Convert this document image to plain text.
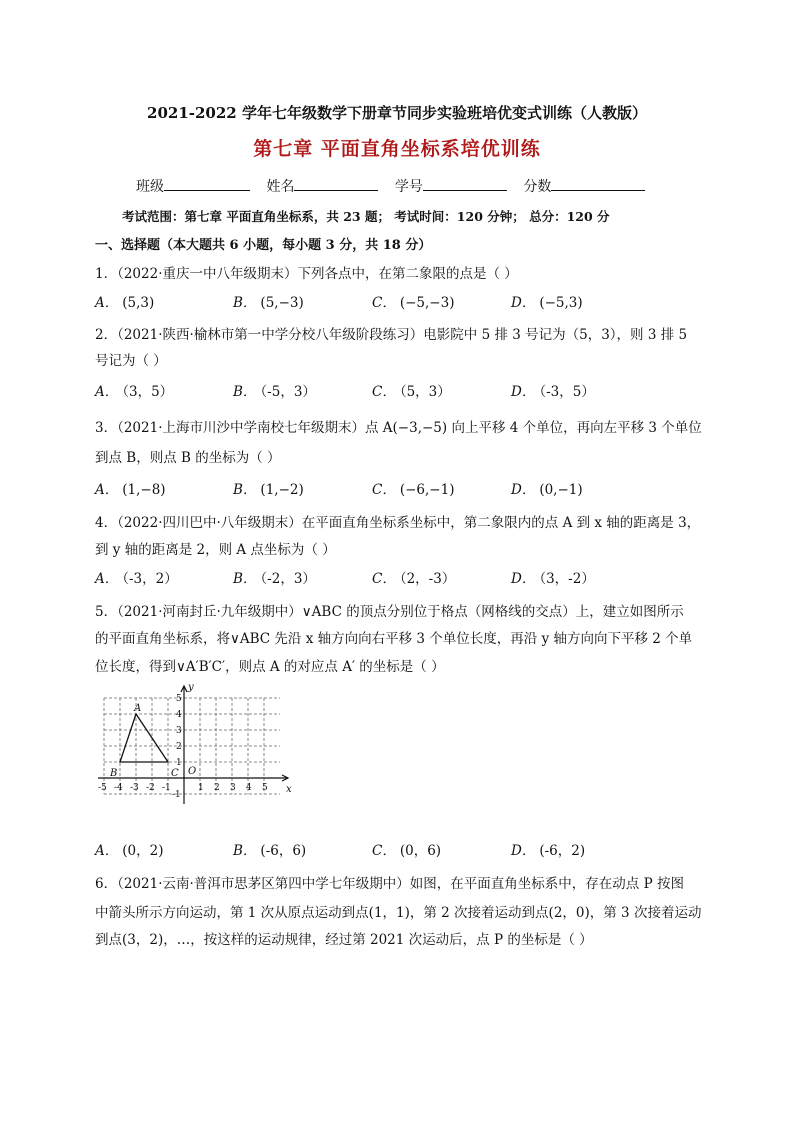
2021-2022 学年七年级数学下册章节同步实验班培优变式训练（人教版）
第七章 平面直角坐标系培优训练
班级	姓名	学号	分数
考试范围：第七章 平面直角坐标系，共 23 题； 考试时间：120 分钟； 总分：120 分
一、选择题（本大题共 6 小题，每小题 3 分，共 18 分）
1．（2022·重庆一中八年级期末）下列各点中，在第二象限的点是（ ）
A． (5,3)	B． (5,−3)	C． (−5,−3)	D． (−5,3)
2．（2021·陕西·榆林市第一中学分校八年级阶段练习）电影院中 5 排 3 号记为（5，3），则 3 排 5
号记为（ ）
A． （3，5）	B． （-5，3）	C． （5，3）	D． （-3，5）
3．（2021·上海市川沙中学南校七年级期末）点 A(−3,−5) 向上平移 4 个单位，再向左平移 3 个单位
到点 B，则点 B 的坐标为（ ）
A． (1,−8)	B． (1,−2)	C． (−6,−1)	D． (0,−1)
4．（2022·四川巴中·八年级期末）在平面直角坐标系坐标中，第二象限内的点 A 到 x 轴的距离是 3，
到 y 轴的距离是 2，则 A 点坐标为（ ）
A． （-3，2）	B． （-2，3）	C． （2，-3）	D． （3，-2）
5．（2021·河南封丘·九年级期中）∨ABC 的顶点分别位于格点（网格线的交点）上，建立如图所示
的平面直角坐标系，将∨ABC 先沿 x 轴方向向右平移 3 个单位长度，再沿 y 轴方向向下平移 2 个单
位长度，得到∨A′B′C′，则点 A 的对应点 A′ 的坐标是（ ）
y
x
O
A
B	C
-5 -4 -3 -2 -1	1 2 3 4 5
5
4
3
2
1
-1
A． (0，2)	B． (-6，6)	C． (0，6)	D． (-6，2)
6．（2021·云南·普洱市思茅区第四中学七年级期中）如图，在平面直角坐标系中，存在动点 P 按图
中箭头所示方向运动，第 1 次从原点运动到点(1，1)，第 2 次接着运动到点(2，0)，第 3 次接着运动
到点(3，2)，…，按这样的运动规律，经过第 2021 次运动后，点 P 的坐标是（ ）
